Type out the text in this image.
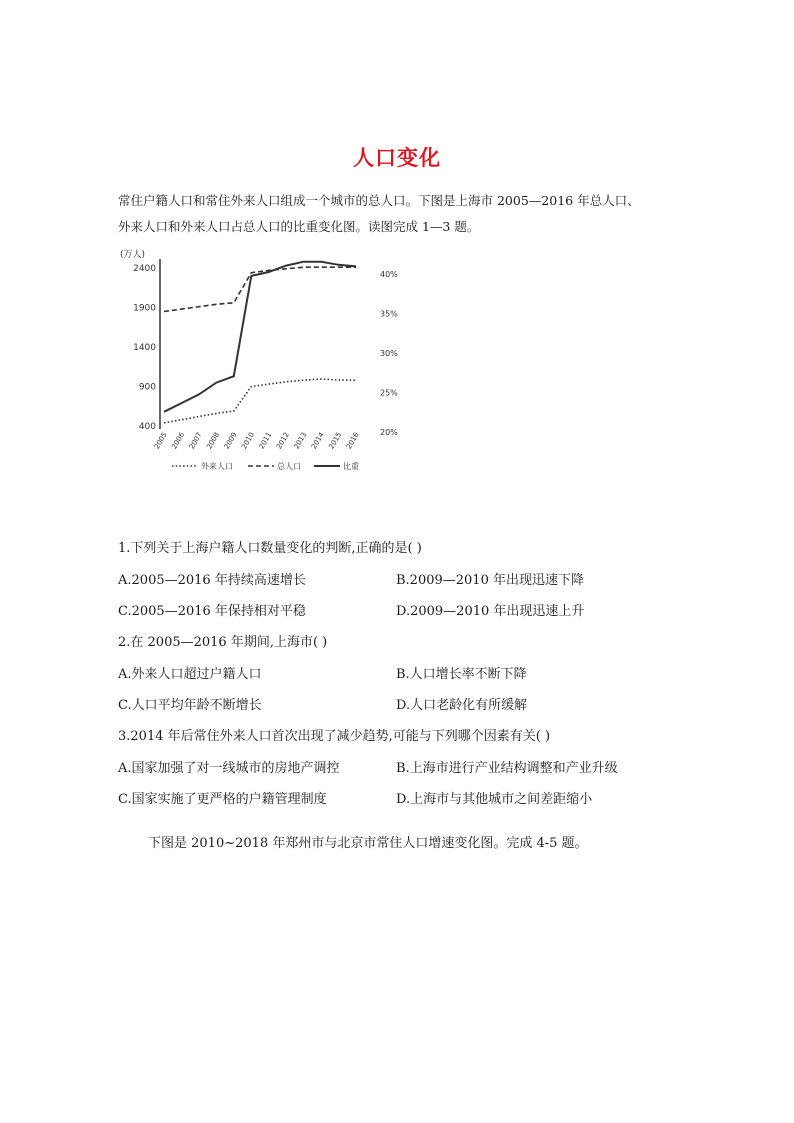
人口变化

常住户籍人口和常住外来人口组成一个城市的总人口。下图是上海市 2005—2016 年总人口、

外来人口和外来人口占总人口的比重变化图。读图完成 1—3 题。

(万人)
2400
1900
1400
900
400
40%
35%
30%
25%
20%
2005 2006 2007 2008 2009 2010 2011 2012 2013 2014 2015 2016
外来人口	总人口	比重
1.下列关于上海户籍人口数量变化的判断,正确的是( )
A.2005—2016 年持续高速增长	B.2009—2010 年出现迅速下降
C.2005—2016 年保持相对平稳	D.2009—2010 年出现迅速上升
2.在 2005—2016 年期间,上海市( )
A.外来人口超过户籍人口	B.人口增长率不断下降
C.人口平均年龄不断增长	D.人口老龄化有所缓解
3.2014 年后常住外来人口首次出现了减少趋势,可能与下列哪个因素有关( )
A.国家加强了对一线城市的房地产调控	B.上海市进行产业结构调整和产业升级
C.国家实施了更严格的户籍管理制度	D.上海市与其他城市之间差距缩小
下图是 2010~2018 年郑州市与北京市常住人口增速变化图。完成 4-5 题。
